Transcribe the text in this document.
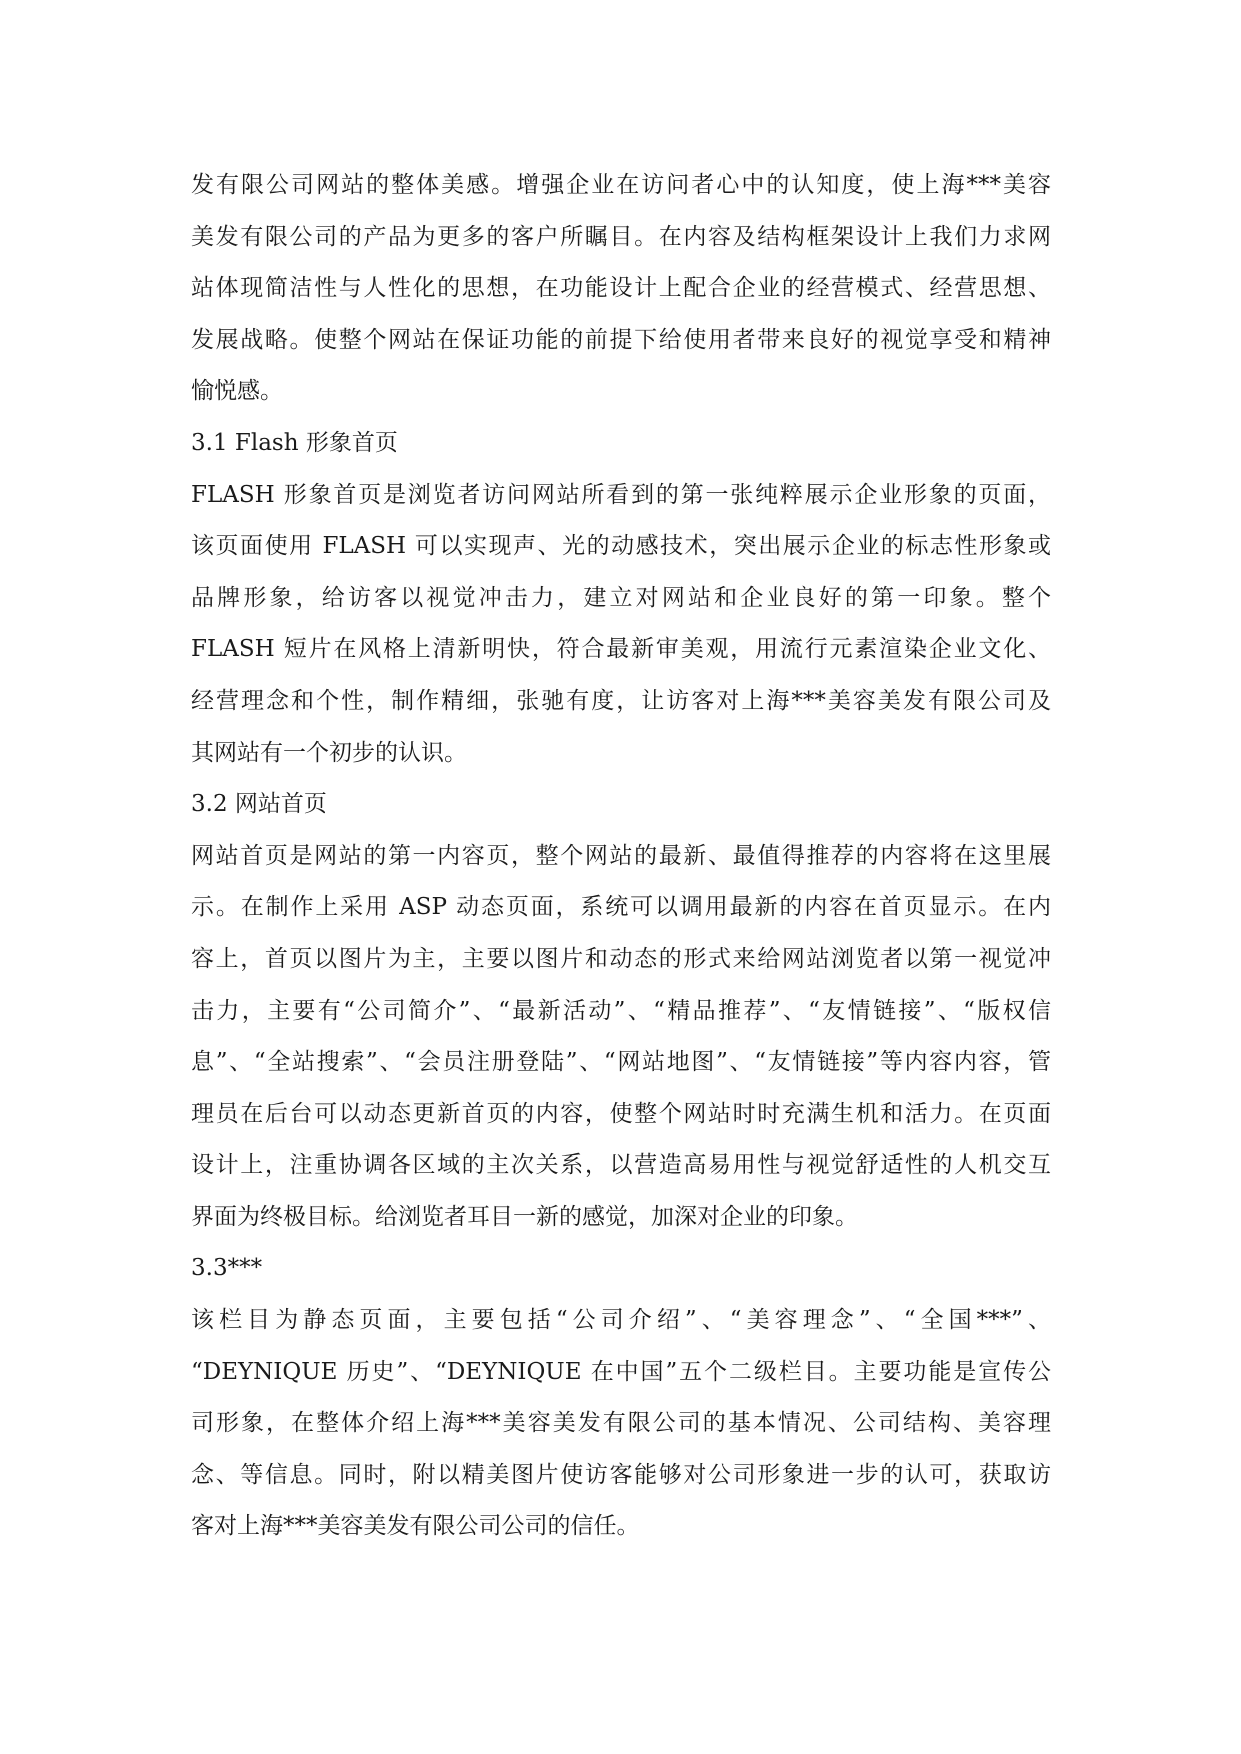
发有限公司网站的整体美感。增强企业在访问者心中的认知度，使上海***美容
美发有限公司的产品为更多的客户所瞩目。在内容及结构框架设计上我们力求网
站体现简洁性与人性化的思想，在功能设计上配合企业的经营模式、经营思想、
发展战略。使整个网站在保证功能的前提下给使用者带来良好的视觉享受和精神
愉悦感。
3.1 Flash 形象首页
FLASH 形象首页是浏览者访问网站所看到的第一张纯粹展示企业形象的页面，
该页面使用 FLASH 可以实现声、光的动感技术，突出展示企业的标志性形象或
品牌形象，给访客以视觉冲击力，建立对网站和企业良好的第一印象。整个
FLASH 短片在风格上清新明快，符合最新审美观，用流行元素渲染企业文化、
经营理念和个性，制作精细，张驰有度，让访客对上海***美容美发有限公司及
其网站有一个初步的认识。
3.2 网站首页
网站首页是网站的第一内容页，整个网站的最新、最值得推荐的内容将在这里展
示。在制作上采用 ASP 动态页面，系统可以调用最新的内容在首页显示。在内
容上，首页以图片为主，主要以图片和动态的形式来给网站浏览者以第一视觉冲
击力，主要有“公司简介”、“最新活动”、“精品推荐”、“友情链接”、“版权信
息”、“全站搜索”、“会员注册登陆”、“网站地图”、“友情链接”等内容内容，管
理员在后台可以动态更新首页的内容，使整个网站时时充满生机和活力。在页面
设计上，注重协调各区域的主次关系，以营造高易用性与视觉舒适性的人机交互
界面为终极目标。给浏览者耳目一新的感觉，加深对企业的印象。
3.3***
该栏目为静态页面，主要包括“公司介绍”、“美容理念”、“全国***”、
“DEYNIQUE 历史”、“DEYNIQUE 在中国”五个二级栏目。主要功能是宣传公
司形象，在整体介绍上海***美容美发有限公司的基本情况、公司结构、美容理
念、等信息。同时，附以精美图片使访客能够对公司形象进一步的认可，获取访
客对上海***美容美发有限公司公司的信任。
